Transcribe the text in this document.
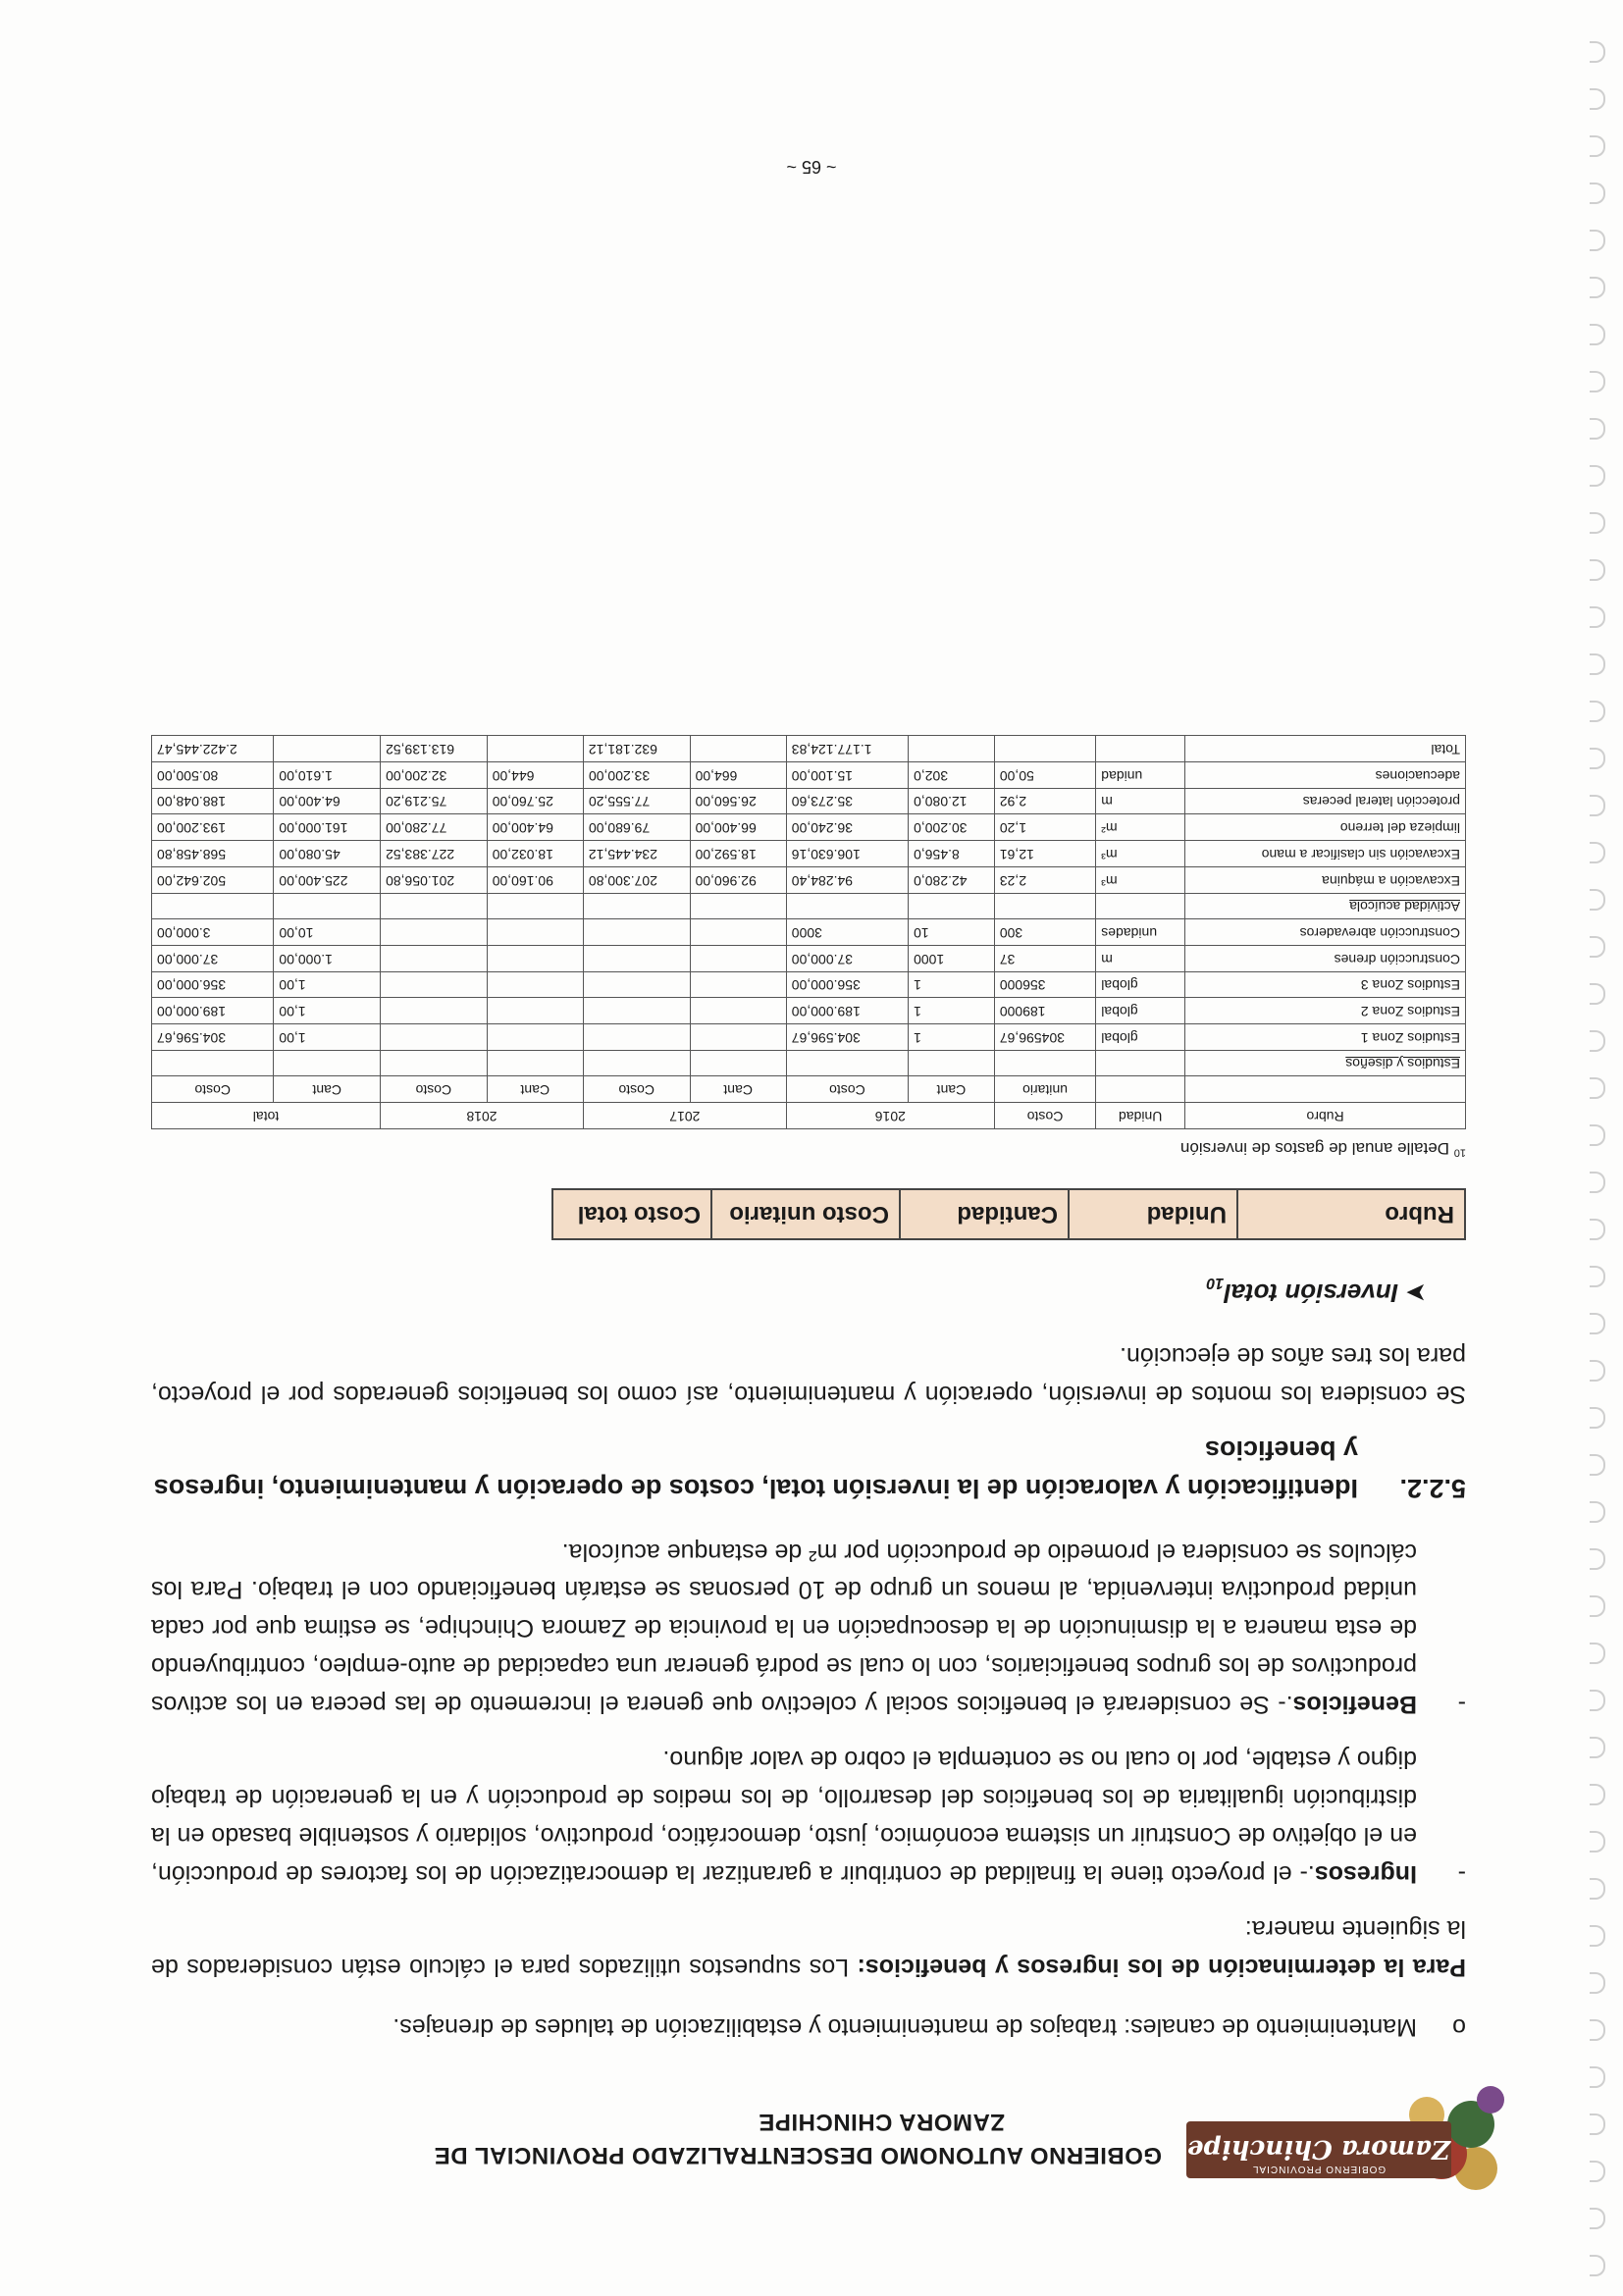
GOBIERNO PROVINCIAL
Zamora Chinchipe
GOBIERNO AUTONOMO DESCENTRALIZADO PROVINCIAL DE
ZAMORA CHINCHIPE

o
Mantenimiento de canales: trabajos de mantenimiento y estabilización de taludes de drenajes.

Para la determinación de los ingresos y beneficios: Los supuestos utilizados para el cálculo están considerados de la siguiente manera:

-
Ingresos.- el proyecto tiene la finalidad de contribuir a garantizar la democratización de los factores de producción, en el objetivo de Construir un sistema económico, justo, democrático, productivo, solidario y sostenible basado en la distribución igualitaria de los beneficios del desarrollo, de los medios de producción y en la generación de trabajo digno y estable, por lo cual no se contempla el cobro de valor alguno.

-
Beneficios.- Se considerará el beneficios social y colectivo que genera el incremento de las pecera en los activos productivos de los grupos beneficiarios, con lo cual se podrá generar una capacidad de auto-empleo, contribuyendo de esta manera a la disminución de la desocupación en la provincia de Zamora Chinchipe, se estima que por cada unidad productiva intervenida, al menos un grupo de 10 personas se estarán beneficiando con el trabajo. Para los cálculos se considera el promedio de producción por m² de estanque acuícola.

5.2.2.
Identificación y valoración de la inversión total, costos de operación y mantenimiento, ingresos y beneficios

Se considera los montos de inversión, operación y mantenimiento, así como los beneficios generados por el proyecto, para los tres años de ejecución.

➤ Inversión total$_{10}$
Rubro	Unidad	Cantidad	Costo unitario	Costo total
$^{10}$ Detalle anual de gastos de inversión
Rubro	Unidad	Costo	2016		2017		2018		total	
		unitario	Cant	Costo	Cant	Costo	Cant	Costo	Cant	Costo
Estudios y diseños										
Estudios Zona 1	global	304596,67	1	304.596,67					1,00	304.596,67
Estudios Zona 2	global	189000	1	189.000,00					1,00	189.000,00
Estudios Zona 3	global	356000	1	356.000,00					1,00	356.000,00
Construcción drenes	m	37	1000	37.000,00					1.000,00	37.000,00
Construcción abrevaderos	unidades	300	10	3000					10,00	3.000,00
Actividad acuícola										
Excavación a máquina	m³	2,23	42.280,0	94.284,40	92.960,00	207.300,80	90.160,00	201.056,80	225.400,00	502.642,00
Excavación sin clasificar a mano	m³	12,61	8.456,0	106.630,16	18.592,00	234.445,12	18.032,00	227.383,52	45.080,00	568.458,80
limpieza del terreno	m²	1,20	30.200,0	36.240,00	66.400,00	79.680,00	64.400,00	77.280,00	161.000,00	193.200,00
protección lateral peceras	m	2,92	12.080,0	35.273,60	26.560,00	77.555,20	25.760,00	75.219,20	64.400,00	188.048,00
adecuaciones	unidad	50,00	302,0	15.100,00	664,00	33.200,00	644,00	32.200,00	1.610,00	80.500,00
Total				1.177.124,83		632.181,12		613.139,52		2.422.445,47
~ 65 ~
